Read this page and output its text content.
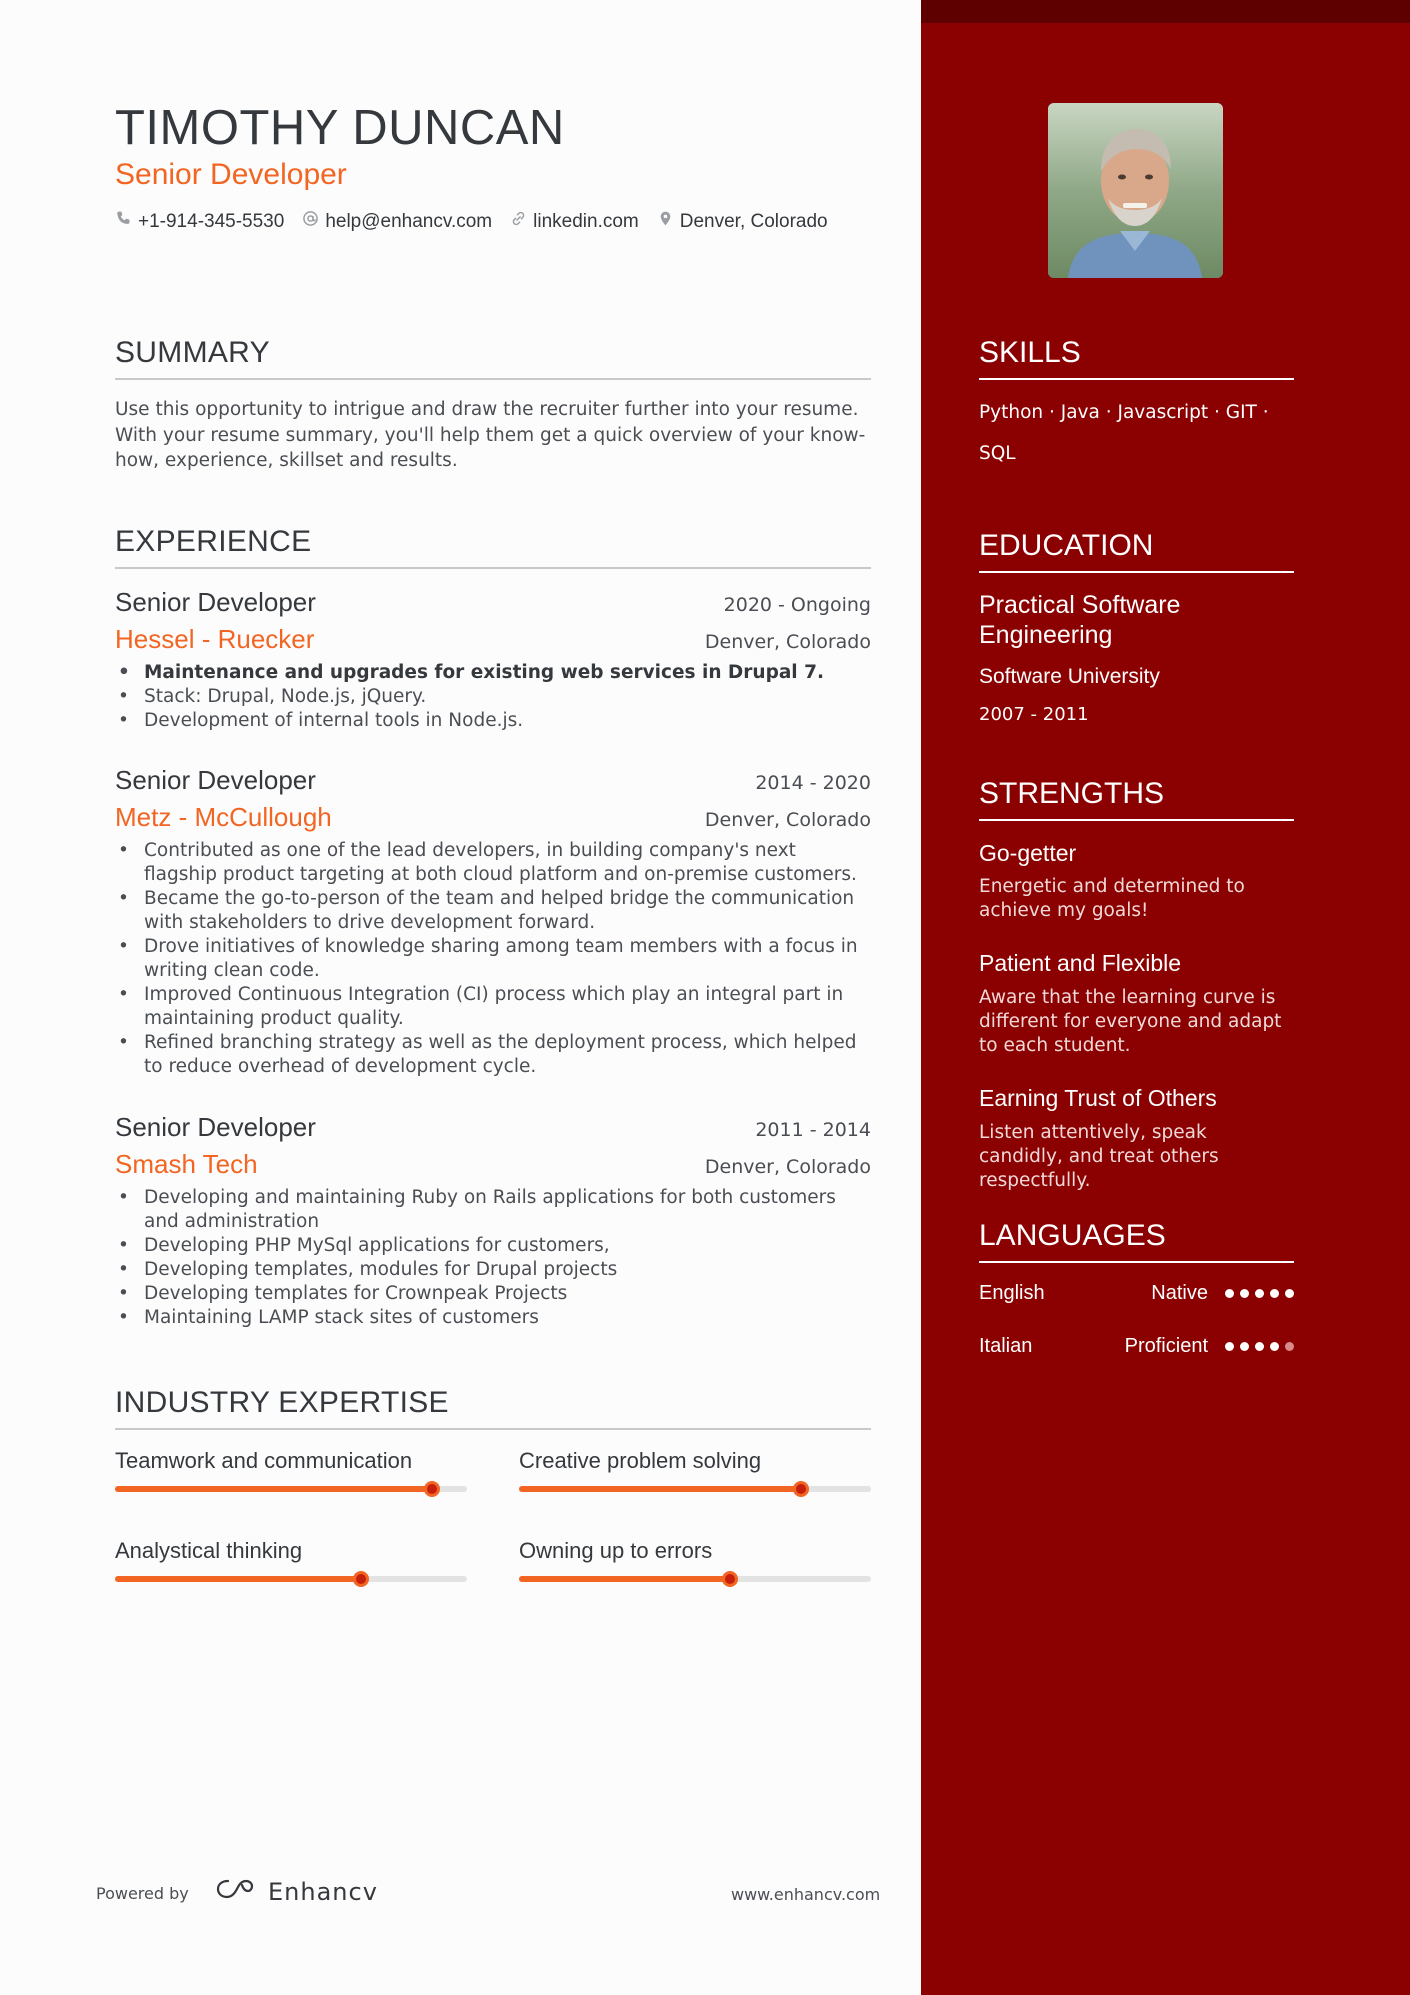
TIMOTHY DUNCAN
Senior Developer
+1-914-345-5530 help@enhancv.com linkedin.com Denver, Colorado
SUMMARY
Use this opportunity to intrigue and draw the recruiter further into your resume. With your resume summary, you'll help them get a quick overview of your know-how, experience, skillset and results.
EXPERIENCE
Senior Developer	2020 - Ongoing
Hessel - Ruecker	Denver, Colorado
• Maintenance and upgrades for existing web services in Drupal 7.
• Stack: Drupal, Node.js, jQuery.
• Development of internal tools in Node.js.
Senior Developer	2014 - 2020
Metz - McCullough	Denver, Colorado
• Contributed as one of the lead developers, in building company's next flagship product targeting at both cloud platform and on-premise customers.
• Became the go-to-person of the team and helped bridge the communication with stakeholders to drive development forward.
• Drove initiatives of knowledge sharing among team members with a focus in writing clean code.
• Improved Continuous Integration (CI) process which play an integral part in maintaining product quality.
• Refined branching strategy as well as the deployment process, which helped to reduce overhead of development cycle.
Senior Developer	2011 - 2014
Smash Tech	Denver, Colorado
• Developing and maintaining Ruby on Rails applications for both customers and administration
• Developing PHP MySql applications for customers,
• Developing templates, modules for Drupal projects
• Developing templates for Crownpeak Projects
• Maintaining LAMP stack sites of customers
INDUSTRY EXPERTISE
Teamwork and communication	Creative problem solving
Analystical thinking	Owning up to errors
Powered by	Enhancv	www.enhancv.com
SKILLS
Python · Java · Javascript · GIT · SQL
EDUCATION
Practical Software Engineering
Software University
2007 - 2011
STRENGTHS
Go-getter
Energetic and determined to achieve my goals!
Patient and Flexible
Aware that the learning curve is different for everyone and adapt to each student.
Earning Trust of Others
Listen attentively, speak candidly, and treat others respectfully.
LANGUAGES
English	Native
Italian	Proficient
